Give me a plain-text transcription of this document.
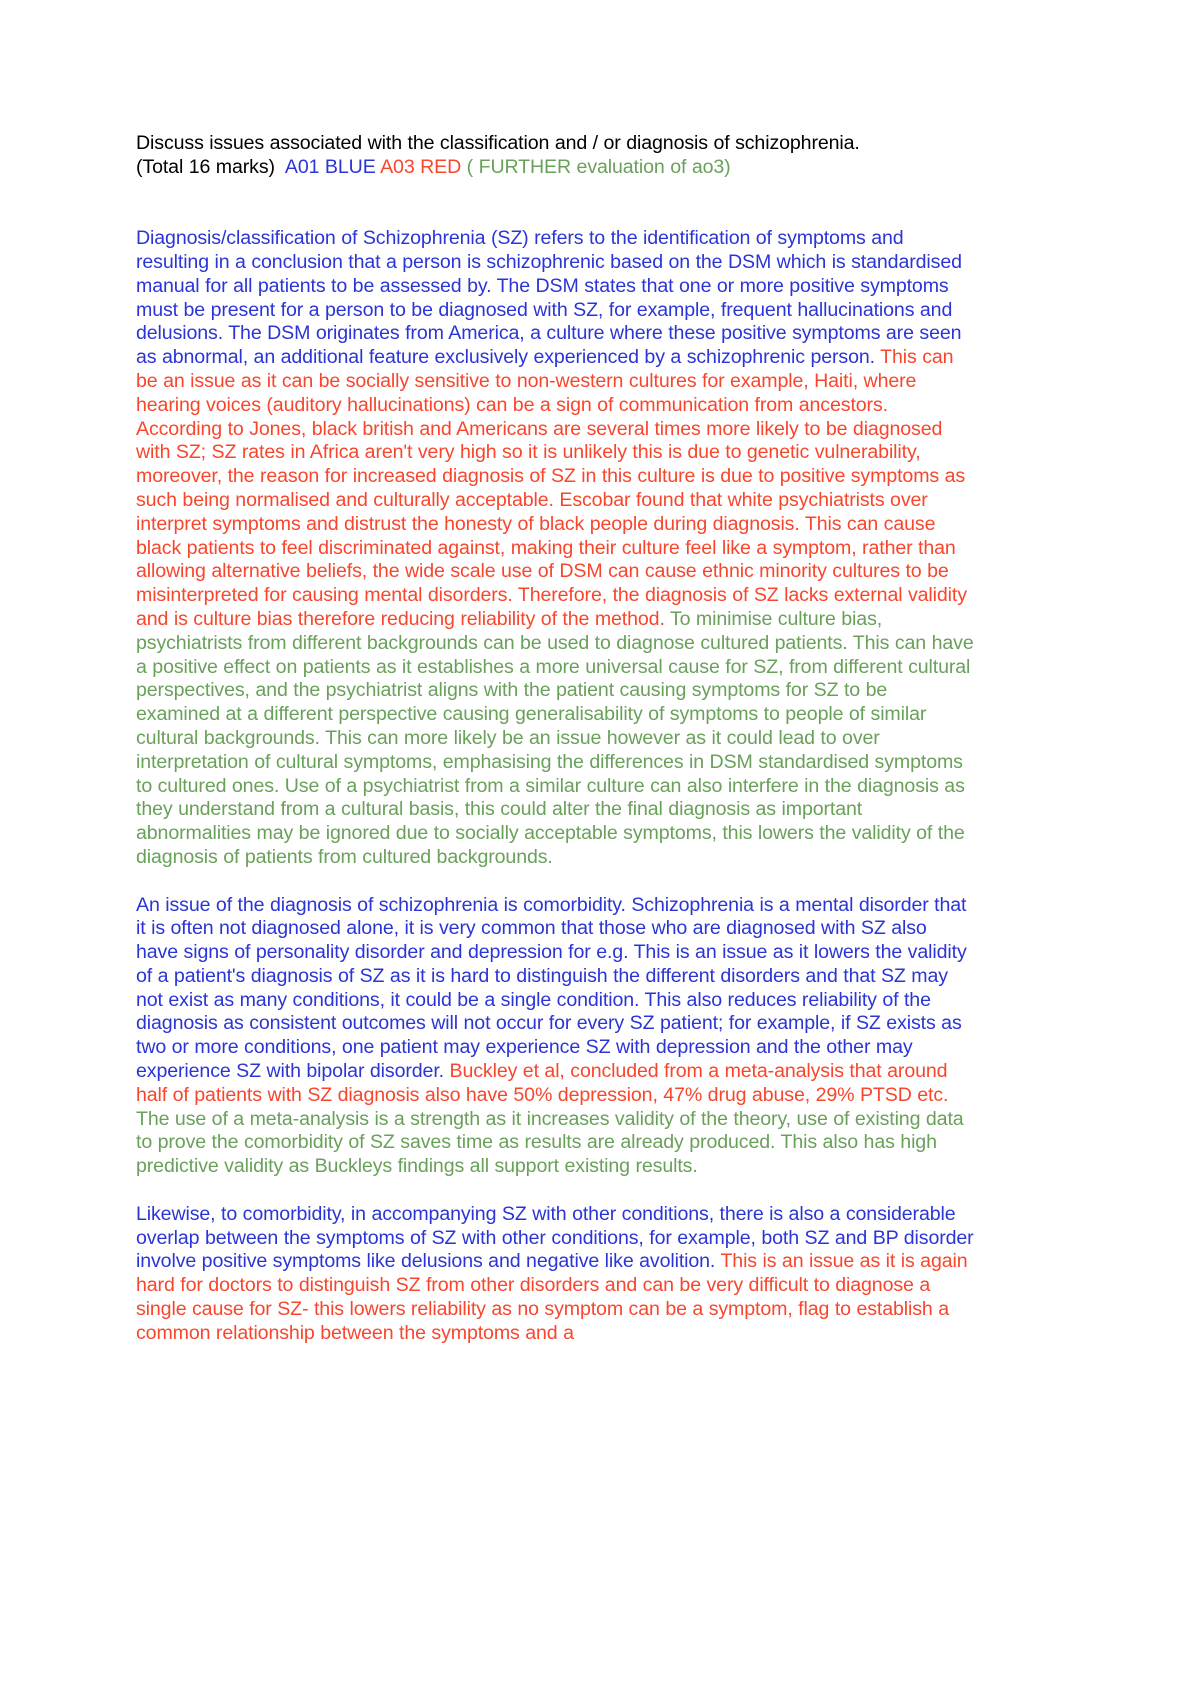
Discuss issues associated with the classification and / or diagnosis of schizophrenia.
(Total 16 marks) A01 BLUE A03 RED ( FURTHER evaluation of ao3)

Diagnosis/classification of Schizophrenia (SZ) refers to the identification of symptoms and resulting in a conclusion that a person is schizophrenic based on the DSM which is standardised manual for all patients to be assessed by. The DSM states that one or more positive symptoms must be present for a person to be diagnosed with SZ, for example, frequent hallucinations and delusions. The DSM originates from America, a culture where these positive symptoms are seen as abnormal, an additional feature exclusively experienced by a schizophrenic person. This can be an issue as it can be socially sensitive to non-western cultures for example, Haiti, where hearing voices (auditory hallucinations) can be a sign of communication from ancestors. According to Jones, black british and Americans are several times more likely to be diagnosed with SZ; SZ rates in Africa aren't very high so it is unlikely this is due to genetic vulnerability, moreover, the reason for increased diagnosis of SZ in this culture is due to positive symptoms as such being normalised and culturally acceptable. Escobar found that white psychiatrists over interpret symptoms and distrust the honesty of black people during diagnosis. This can cause black patients to feel discriminated against, making their culture feel like a symptom, rather than allowing alternative beliefs, the wide scale use of DSM can cause ethnic minority cultures to be misinterpreted for causing mental disorders. Therefore, the diagnosis of SZ lacks external validity and is culture bias therefore reducing reliability of the method. To minimise culture bias, psychiatrists from different backgrounds can be used to diagnose cultured patients. This can have a positive effect on patients as it establishes a more universal cause for SZ, from different cultural perspectives, and the psychiatrist aligns with the patient causing symptoms for SZ to be examined at a different perspective causing generalisability of symptoms to people of similar cultural backgrounds. This can more likely be an issue however as it could lead to over interpretation of cultural symptoms, emphasising the differences in DSM standardised symptoms to cultured ones. Use of a psychiatrist from a similar culture can also interfere in the diagnosis as they understand from a cultural basis, this could alter the final diagnosis as important abnormalities may be ignored due to socially acceptable symptoms, this lowers the validity of the diagnosis of patients from cultured backgrounds.

An issue of the diagnosis of schizophrenia is comorbidity. Schizophrenia is a mental disorder that it is often not diagnosed alone, it is very common that those who are diagnosed with SZ also have signs of personality disorder and depression for e.g. This is an issue as it lowers the validity of a patient's diagnosis of SZ as it is hard to distinguish the different disorders and that SZ may not exist as many conditions, it could be a single condition. This also reduces reliability of the diagnosis as consistent outcomes will not occur for every SZ patient; for example, if SZ exists as two or more conditions, one patient may experience SZ with depression and the other may experience SZ with bipolar disorder. Buckley et al, concluded from a meta-analysis that around half of patients with SZ diagnosis also have 50% depression, 47% drug abuse, 29% PTSD etc. The use of a meta-analysis is a strength as it increases validity of the theory, use of existing data to prove the comorbidity of SZ saves time as results are already produced. This also has high predictive validity as Buckleys findings all support existing results.

Likewise, to comorbidity, in accompanying SZ with other conditions, there is also a considerable overlap between the symptoms of SZ with other conditions, for example, both SZ and BP disorder involve positive symptoms like delusions and negative like avolition. This is an issue as it is again hard for doctors to distinguish SZ from other disorders and can be very difficult to diagnose a single cause for SZ- this lowers reliability as no symptom can be a symptom, flag to establish a common relationship between the symptoms and a
